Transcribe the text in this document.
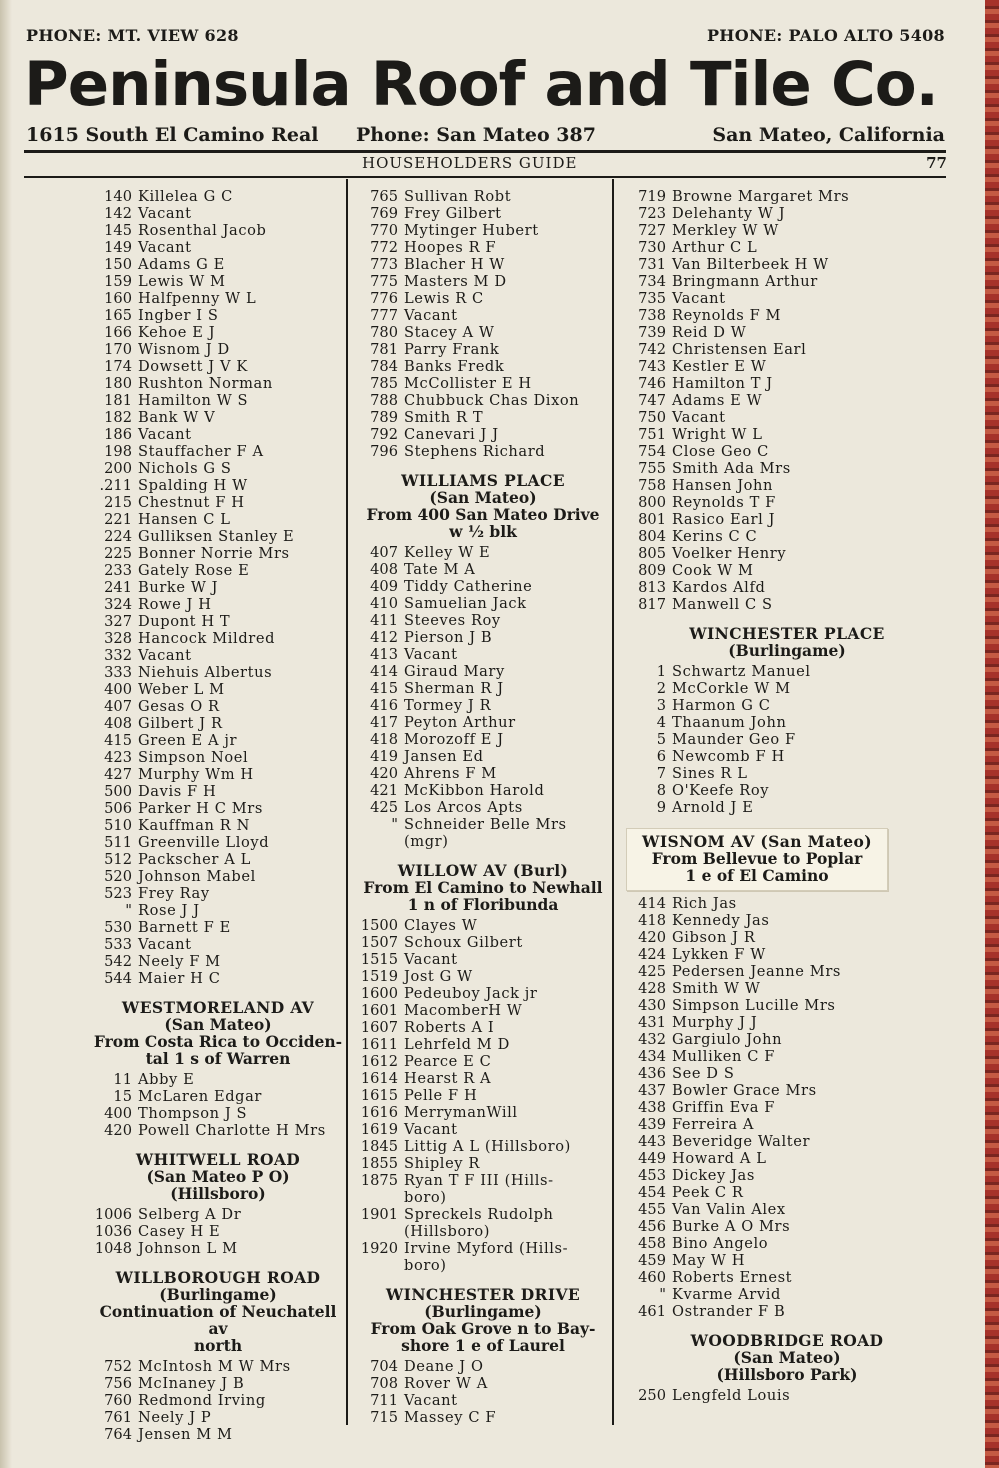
PHONE: MT. VIEW 628	PHONE: PALO ALTO 5408
Peninsula Roof and Tile Co.
1615 South El Camino Real Phone: San Mateo 387	San Mateo, California
HOUSEHOLDERS GUIDE	77
140 Killelea G C
142 Vacant
145 Rosenthal Jacob
149 Vacant
150 Adams G E
159 Lewis W M
160 Halfpenny W L
165 Ingber I S
166 Kehoe E J
170 Wisnom J D
174 Dowsett J V K
180 Rushton Norman
181 Hamilton W S
182 Bank W V
186 Vacant
198 Stauffacher F A
200 Nichols G S
.211 Spalding H W
215 Chestnut F H
221 Hansen C L
224 Gulliksen Stanley E
225 Bonner Norrie Mrs
233 Gately Rose E
241 Burke W J
324 Rowe J H
327 Dupont H T
328 Hancock Mildred
332 Vacant
333 Niehuis Albertus
400 Weber L M
407 Gesas O R
408 Gilbert J R
415 Green E A jr
423 Simpson Noel
427 Murphy Wm H
500 Davis F H
506 Parker H C Mrs
510 Kauffman R N
511 Greenville Lloyd
512 Packscher A L
520 Johnson Mabel
523 Frey Ray
" Rose J J
530 Barnett F E
533 Vacant
542 Neely F M
544 Maier H C
WESTMORELAND AV
(San Mateo)
From Costa Rica to Occiden-
tal 1 s of Warren
11 Abby E
15 McLaren Edgar
400 Thompson J S
420 Powell Charlotte H Mrs
WHITWELL ROAD
(San Mateo P O)
(Hillsboro)
1006 Selberg A Dr
1036 Casey H E
1048 Johnson L M
WILLBOROUGH ROAD
(Burlingame)
Continuation of Neuchatell av
north
752 McIntosh M W Mrs
756 McInaney J B
760 Redmond Irving
761 Neely J P
764 Jensen M M
765 Sullivan Robt
769 Frey Gilbert
770 Mytinger Hubert
772 Hoopes R F
773 Blacher H W
775 Masters M D
776 Lewis R C
777 Vacant
780 Stacey A W
781 Parry Frank
784 Banks Fredk
785 McCollister E H
788 Chubbuck Chas Dixon
789 Smith R T
792 Canevari J J
796 Stephens Richard
WILLIAMS PLACE
(San Mateo)
From 400 San Mateo Drive
w ½ blk
407 Kelley W E
408 Tate M A
409 Tiddy Catherine
410 Samuelian Jack
411 Steeves Roy
412 Pierson J B
413 Vacant
414 Giraud Mary
415 Sherman R J
416 Tormey J R
417 Peyton Arthur
418 Morozoff E J
419 Jansen Ed
420 Ahrens F M
421 McKibbon Harold
425 Los Arcos Apts
" Schneider Belle Mrs
(mgr)
WILLOW AV (Burl)
From El Camino to Newhall
1 n of Floribunda
1500 Clayes W
1507 Schoux Gilbert
1515 Vacant
1519 Jost G W
1600 Pedeuboy Jack jr
1601 MacomberH W
1607 Roberts A I
1611 Lehrfeld M D
1612 Pearce E C
1614 Hearst R A
1615 Pelle F H
1616 MerrymanWill
1619 Vacant
1845 Littig A L (Hillsboro)
1855 Shipley R
1875 Ryan T F III (Hills-
boro)
1901 Spreckels Rudolph
(Hillsboro)
1920 Irvine Myford (Hills-
boro)
WINCHESTER DRIVE
(Burlingame)
From Oak Grove n to Bay-
shore 1 e of Laurel
704 Deane J O
708 Rover W A
711 Vacant
715 Massey C F
719 Browne Margaret Mrs
723 Delehanty W J
727 Merkley W W
730 Arthur C L
731 Van Bilterbeek H W
734 Bringmann Arthur
735 Vacant
738 Reynolds F M
739 Reid D W
742 Christensen Earl
743 Kestler E W
746 Hamilton T J
747 Adams E W
750 Vacant
751 Wright W L
754 Close Geo C
755 Smith Ada Mrs
758 Hansen John
800 Reynolds T F
801 Rasico Earl J
804 Kerins C C
805 Voelker Henry
809 Cook W M
813 Kardos Alfd
817 Manwell C S
WINCHESTER PLACE
(Burlingame)
1 Schwartz Manuel
2 McCorkle W M
3 Harmon G C
4 Thaanum John
5 Maunder Geo F
6 Newcomb F H
7 Sines R L
8 O'Keefe Roy
9 Arnold J E
WISNOM AV (San Mateo)
From Bellevue to Poplar
1 e of El Camino
414 Rich Jas
418 Kennedy Jas
420 Gibson J R
424 Lykken F W
425 Pedersen Jeanne Mrs
428 Smith W W
430 Simpson Lucille Mrs
431 Murphy J J
432 Gargiulo John
434 Mulliken C F
436 See D S
437 Bowler Grace Mrs
438 Griffin Eva F
439 Ferreira A
443 Beveridge Walter
449 Howard A L
453 Dickey Jas
454 Peek C R
455 Van Valin Alex
456 Burke A O Mrs
458 Bino Angelo
459 May W H
460 Roberts Ernest
" Kvarme Arvid
461 Ostrander F B
WOODBRIDGE ROAD
(San Mateo)
(Hillsboro Park)
250 Lengfeld Louis
